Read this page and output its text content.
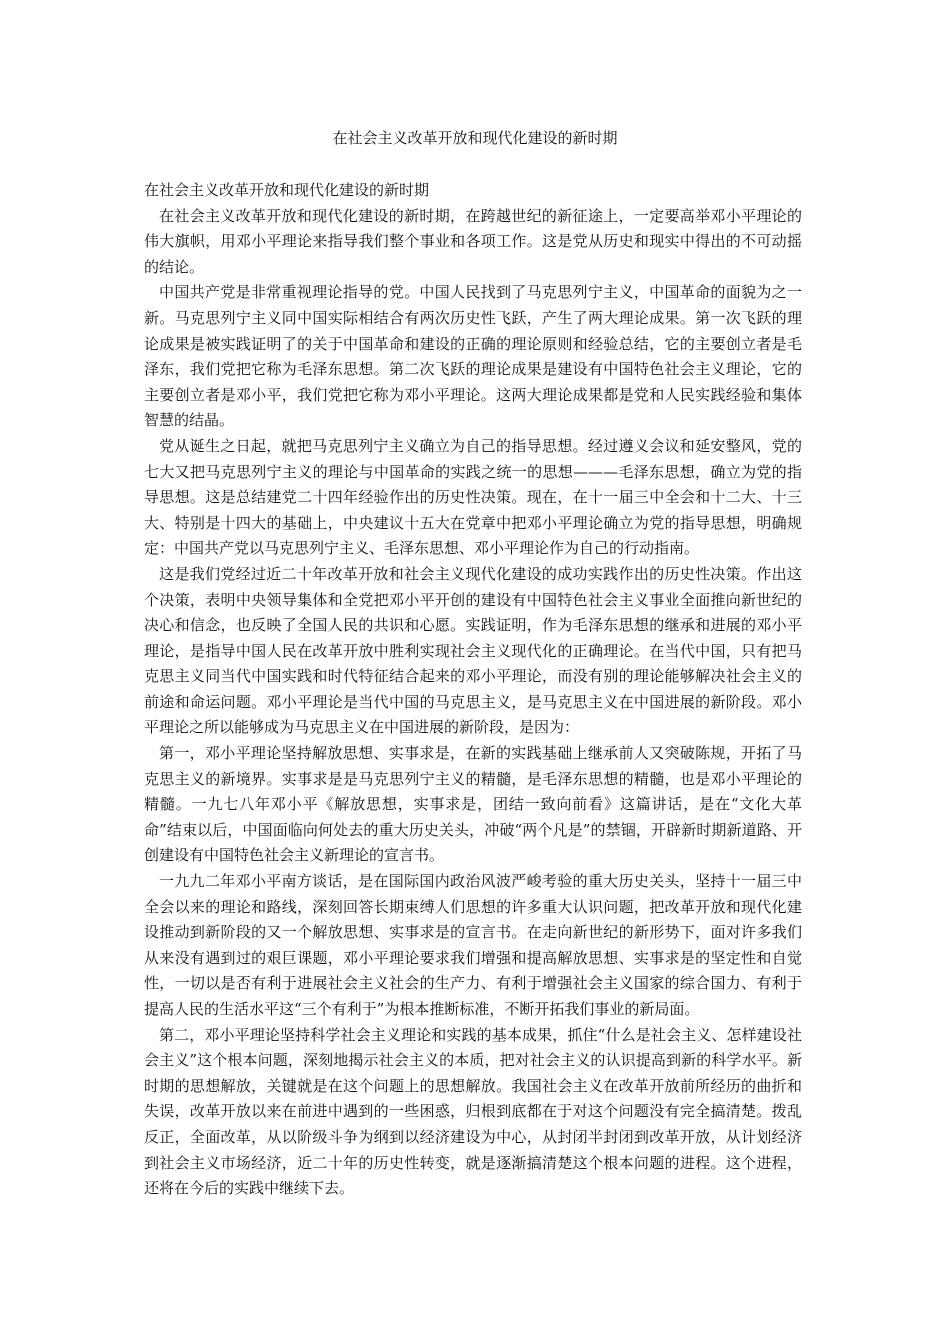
在社会主义改革开放和现代化建设的新时期
在社会主义改革开放和现代化建设的新时期

在社会主义改革开放和现代化建设的新时期，在跨越世纪的新征途上，一定要高举邓小平理论的伟大旗帜，用邓小平理论来指导我们整个事业和各项工作。这是党从历史和现实中得出的不可动摇的结论。

中国共产党是非常重视理论指导的党。中国人民找到了马克思列宁主义，中国革命的面貌为之一新。马克思列宁主义同中国实际相结合有两次历史性飞跃，产生了两大理论成果。第一次飞跃的理论成果是被实践证明了的关于中国革命和建设的正确的理论原则和经验总结，它的主要创立者是毛泽东，我们党把它称为毛泽东思想。第二次飞跃的理论成果是建设有中国特色社会主义理论，它的主要创立者是邓小平，我们党把它称为邓小平理论。这两大理论成果都是党和人民实践经验和集体智慧的结晶。

党从诞生之日起，就把马克思列宁主义确立为自己的指导思想。经过遵义会议和延安整风，党的七大又把马克思列宁主义的理论与中国革命的实践之统一的思想———毛泽东思想，确立为党的指导思想。这是总结建党二十四年经验作出的历史性决策。现在，在十一届三中全会和十二大、十三大、特别是十四大的基础上，中央建议十五大在党章中把邓小平理论确立为党的指导思想，明确规定：中国共产党以马克思列宁主义、毛泽东思想、邓小平理论作为自己的行动指南。

这是我们党经过近二十年改革开放和社会主义现代化建设的成功实践作出的历史性决策。作出这个决策，表明中央领导集体和全党把邓小平开创的建设有中国特色社会主义事业全面推向新世纪的决心和信念，也反映了全国人民的共识和心愿。实践证明，作为毛泽东思想的继承和进展的邓小平理论，是指导中国人民在改革开放中胜利实现社会主义现代化的正确理论。在当代中国，只有把马克思主义同当代中国实践和时代特征结合起来的邓小平理论，而没有别的理论能够解决社会主义的前途和命运问题。邓小平理论是当代中国的马克思主义，是马克思主义在中国进展的新阶段。邓小平理论之所以能够成为马克思主义在中国进展的新阶段，是因为：

第一，邓小平理论坚持解放思想、实事求是，在新的实践基础上继承前人又突破陈规，开拓了马克思主义的新境界。实事求是是马克思列宁主义的精髓，是毛泽东思想的精髓，也是邓小平理论的精髓。一九七八年邓小平《解放思想，实事求是，团结一致向前看》这篇讲话，是在“文化大革命”结束以后，中国面临向何处去的重大历史关头，冲破“两个凡是”的禁锢，开辟新时期新道路、开创建设有中国特色社会主义新理论的宣言书。

一九九二年邓小平南方谈话，是在国际国内政治风波严峻考验的重大历史关头，坚持十一届三中全会以来的理论和路线，深刻回答长期束缚人们思想的许多重大认识问题，把改革开放和现代化建设推动到新阶段的又一个解放思想、实事求是的宣言书。在走向新世纪的新形势下，面对许多我们从来没有遇到过的艰巨课题，邓小平理论要求我们增强和提高解放思想、实事求是的坚定性和自觉性，一切以是否有利于进展社会主义社会的生产力、有利于增强社会主义国家的综合国力、有利于提高人民的生活水平这“三个有利于”为根本推断标准，不断开拓我们事业的新局面。

第二，邓小平理论坚持科学社会主义理论和实践的基本成果，抓住“什么是社会主义、怎样建设社会主义”这个根本问题，深刻地揭示社会主义的本质，把对社会主义的认识提高到新的科学水平。新时期的思想解放，关键就是在这个问题上的思想解放。我国社会主义在改革开放前所经历的曲折和失误，改革开放以来在前进中遇到的一些困惑，归根到底都在于对这个问题没有完全搞清楚。拨乱反正，全面改革，从以阶级斗争为纲到以经济建设为中心，从封闭半封闭到改革开放，从计划经济到社会主义市场经济，近二十年的历史性转变，就是逐渐搞清楚这个根本问题的进程。这个进程，还将在今后的实践中继续下去。
